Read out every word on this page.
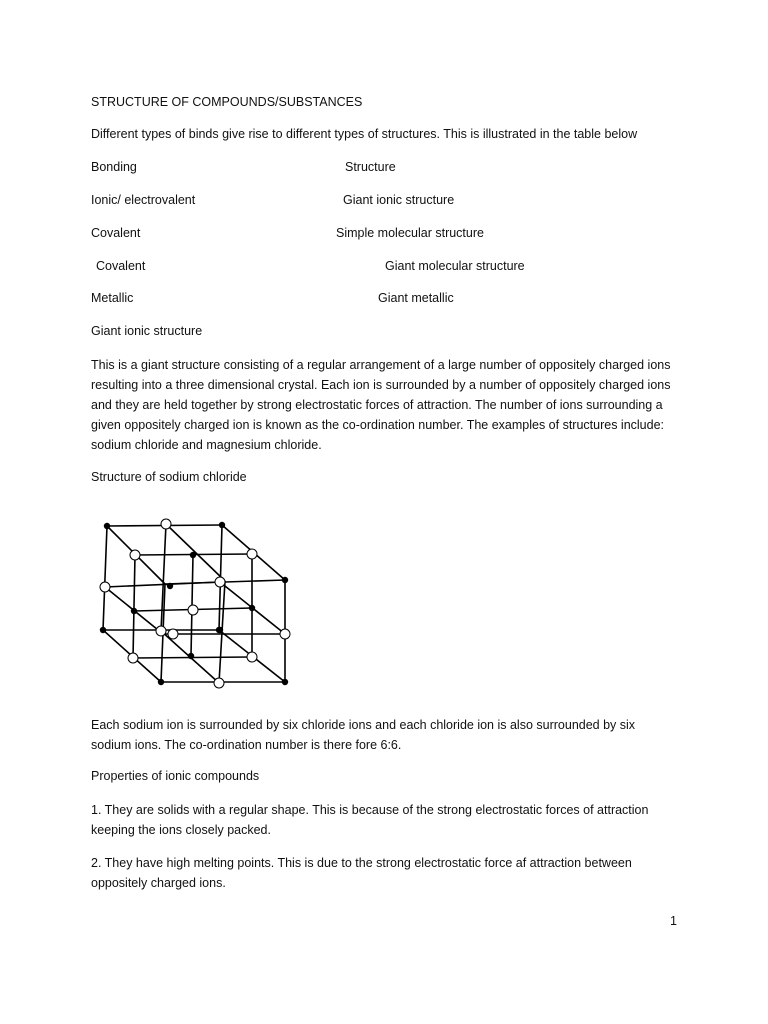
STRUCTURE OF COMPOUNDS/SUBSTANCES
Different types of binds give rise to different types of structures. This is illustrated in the table below
Bonding	Structure
Ionic/ electrovalent	Giant ionic structure
Covalent	Simple molecular structure
Covalent	Giant molecular structure
Metallic	Giant metallic
Giant ionic structure
This is a giant structure consisting of a regular arrangement of a large number of oppositely charged ions resulting into a three dimensional crystal. Each ion is surrounded by a number of oppositely charged ions and they are held together by strong electrostatic forces of attraction. The number of ions surrounding a given oppositely charged ion is known as the co-ordination number. The examples of structures include: sodium chloride and magnesium chloride.
Structure of sodium chloride
Each sodium ion is surrounded by six chloride ions and each chloride ion is also surrounded by six sodium ions. The co-ordination number is there fore 6:6.
Properties of ionic compounds
1. They are solids with a regular shape. This is because of the strong electrostatic forces of attraction keeping the ions closely packed.
2. They have high melting points. This is due to the strong electrostatic force af attraction between oppositely charged ions.
1
